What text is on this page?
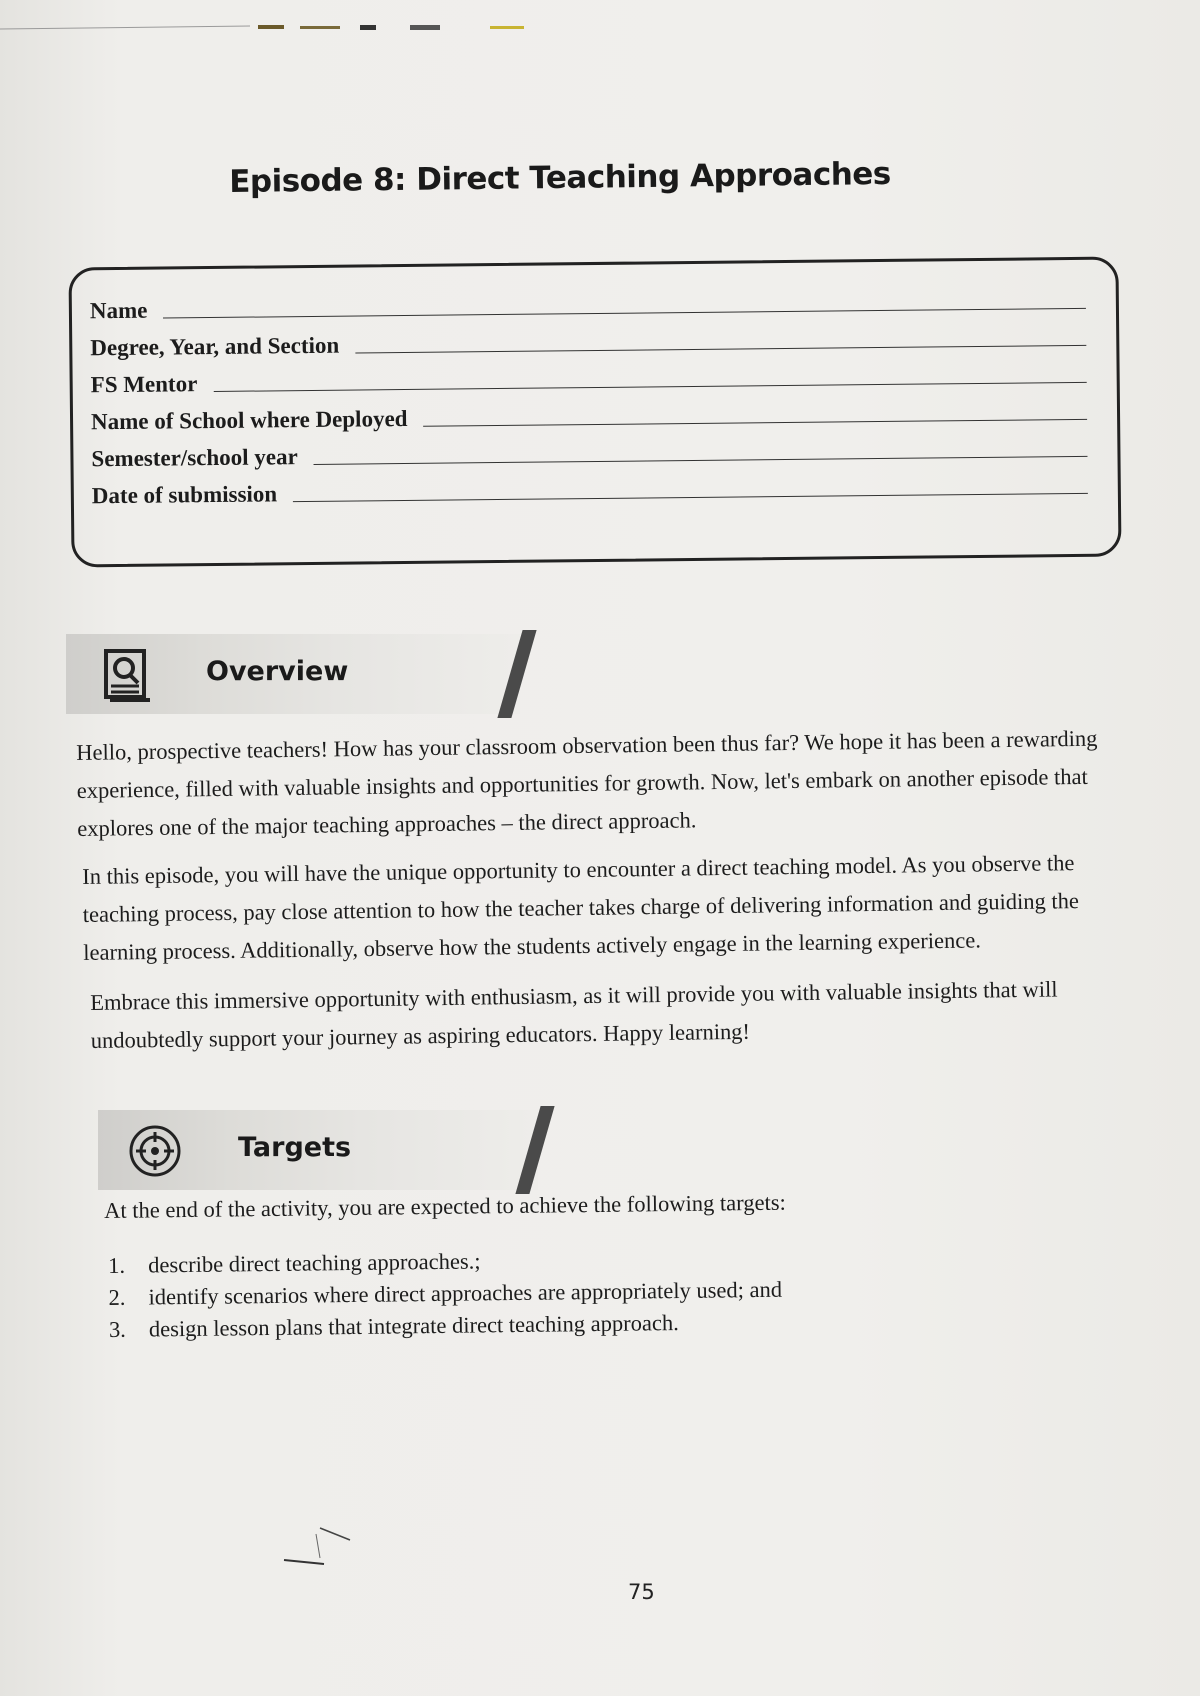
Episode 8: Direct Teaching Approaches
Name
Degree, Year, and Section
FS Mentor
Name of School where Deployed
Semester/school year
Date of submission
Overview
Hello, prospective teachers! How has your classroom observation been thus far? We hope it has been a rewarding experience, filled with valuable insights and opportunities for growth. Now, let's embark on another episode that explores one of the major teaching approaches – the direct approach.
In this episode, you will have the unique opportunity to encounter a direct teaching model. As you observe the teaching process, pay close attention to how the teacher takes charge of delivering information and guiding the learning process. Additionally, observe how the students actively engage in the learning experience.
Embrace this immersive opportunity with enthusiasm, as it will provide you with valuable insights that will undoubtedly support your journey as aspiring educators. Happy learning!
Targets
At the end of the activity, you are expected to achieve the following targets:
1.	describe direct teaching approaches.;
2.	identify scenarios where direct approaches are appropriately used; and
3.	design lesson plans that integrate direct teaching approach.
75
